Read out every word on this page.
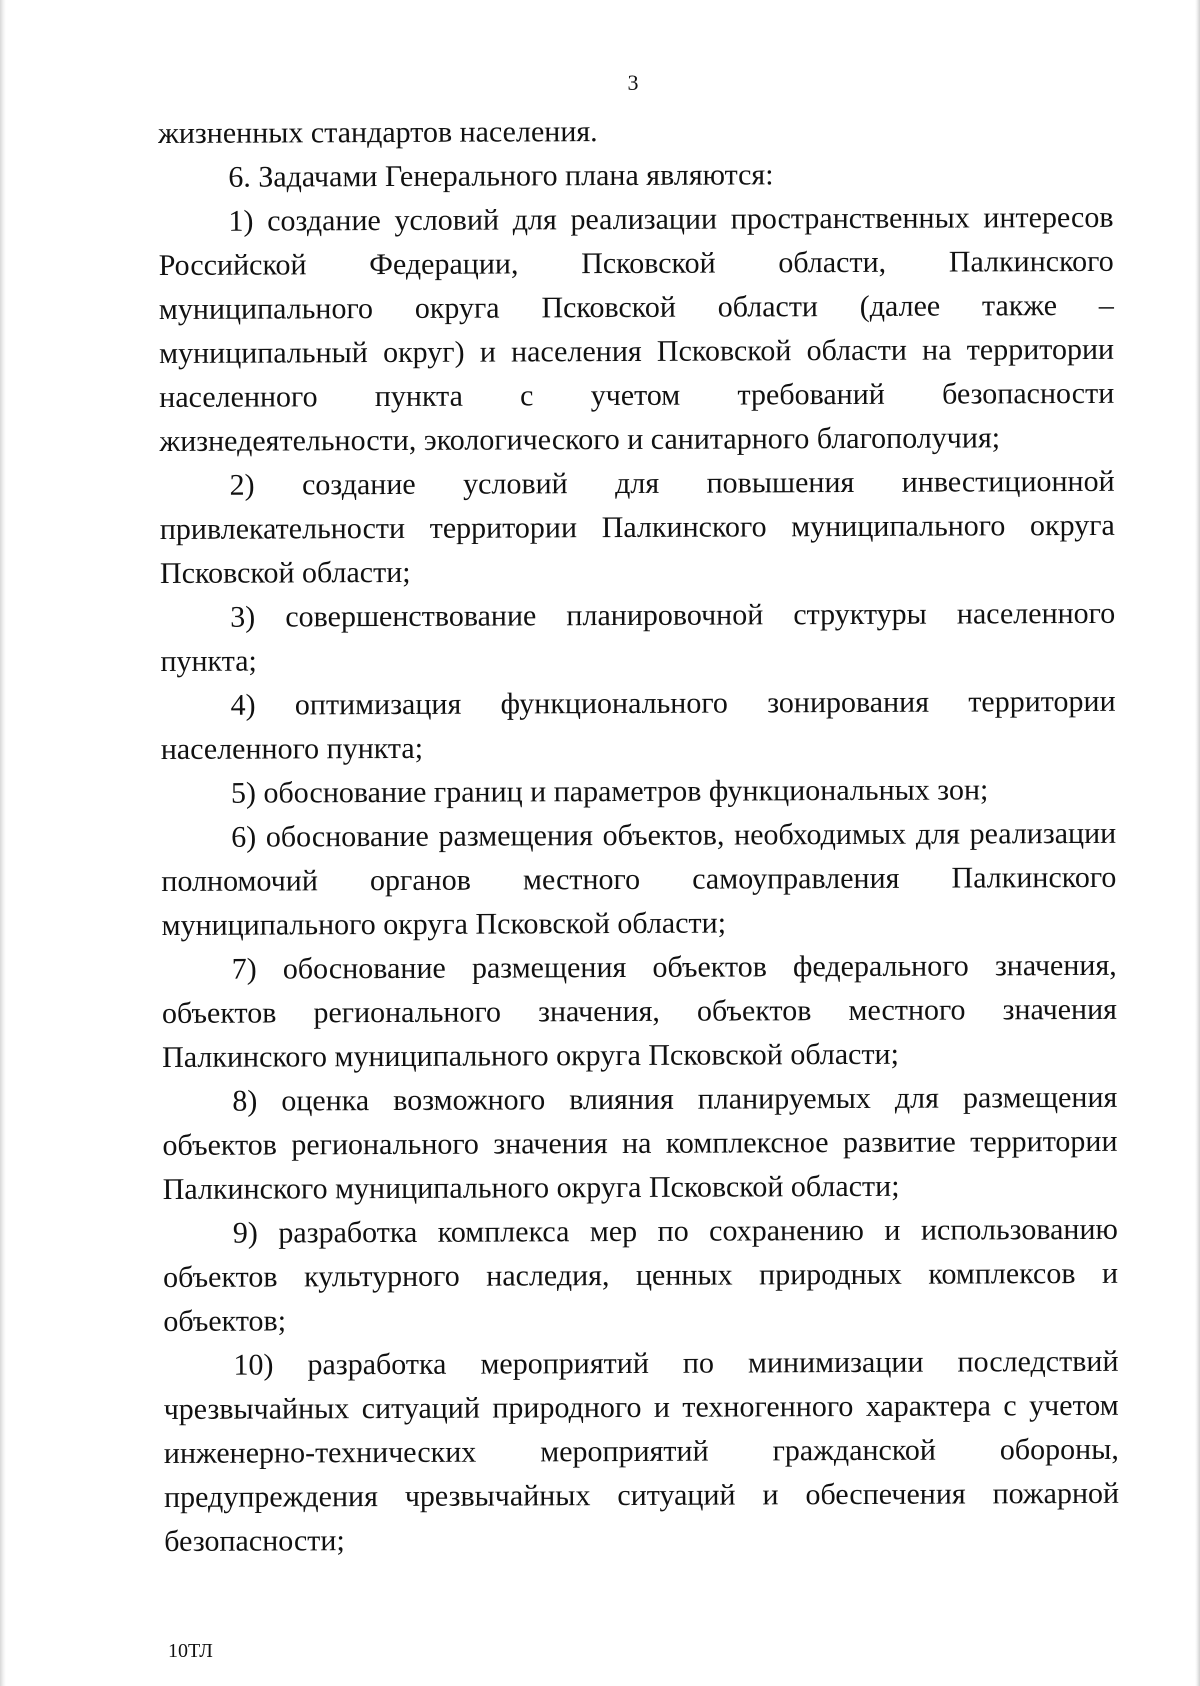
3

жизненных стандартов населения.

6. Задачами Генерального плана являются:

1) создание условий для реализации пространственных интересов Российской Федерации, Псковской области, Палкинского муниципального округа Псковской области (далее также – муниципальный округ) и населения Псковской области на территории населенного пункта с учетом требований безопасности жизнедеятельности, экологического и санитарного благополучия;

2) создание условий для повышения инвестиционной привлекательности территории Палкинского муниципального округа Псковской области;

3) совершенствование планировочной структуры населенного пункта;

4) оптимизация функционального зонирования территории населенного пункта;

5) обоснование границ и параметров функциональных зон;

6) обоснование размещения объектов, необходимых для реализации полномочий органов местного самоуправления Палкинского муниципального округа Псковской области;

7) обоснование размещения объектов федерального значения, объектов регионального значения, объектов местного значения Палкинского муниципального округа Псковской области;

8) оценка возможного влияния планируемых для размещения объектов регионального значения на комплексное развитие территории Палкинского муниципального округа Псковской области;

9) разработка комплекса мер по сохранению и использованию объектов культурного наследия, ценных природных комплексов и объектов;

10) разработка мероприятий по минимизации последствий чрезвычайных ситуаций природного и техногенного характера с учетом инженерно-технических мероприятий гражданской обороны, предупреждения чрезвычайных ситуаций и обеспечения пожарной безопасности;

10ТЛ
